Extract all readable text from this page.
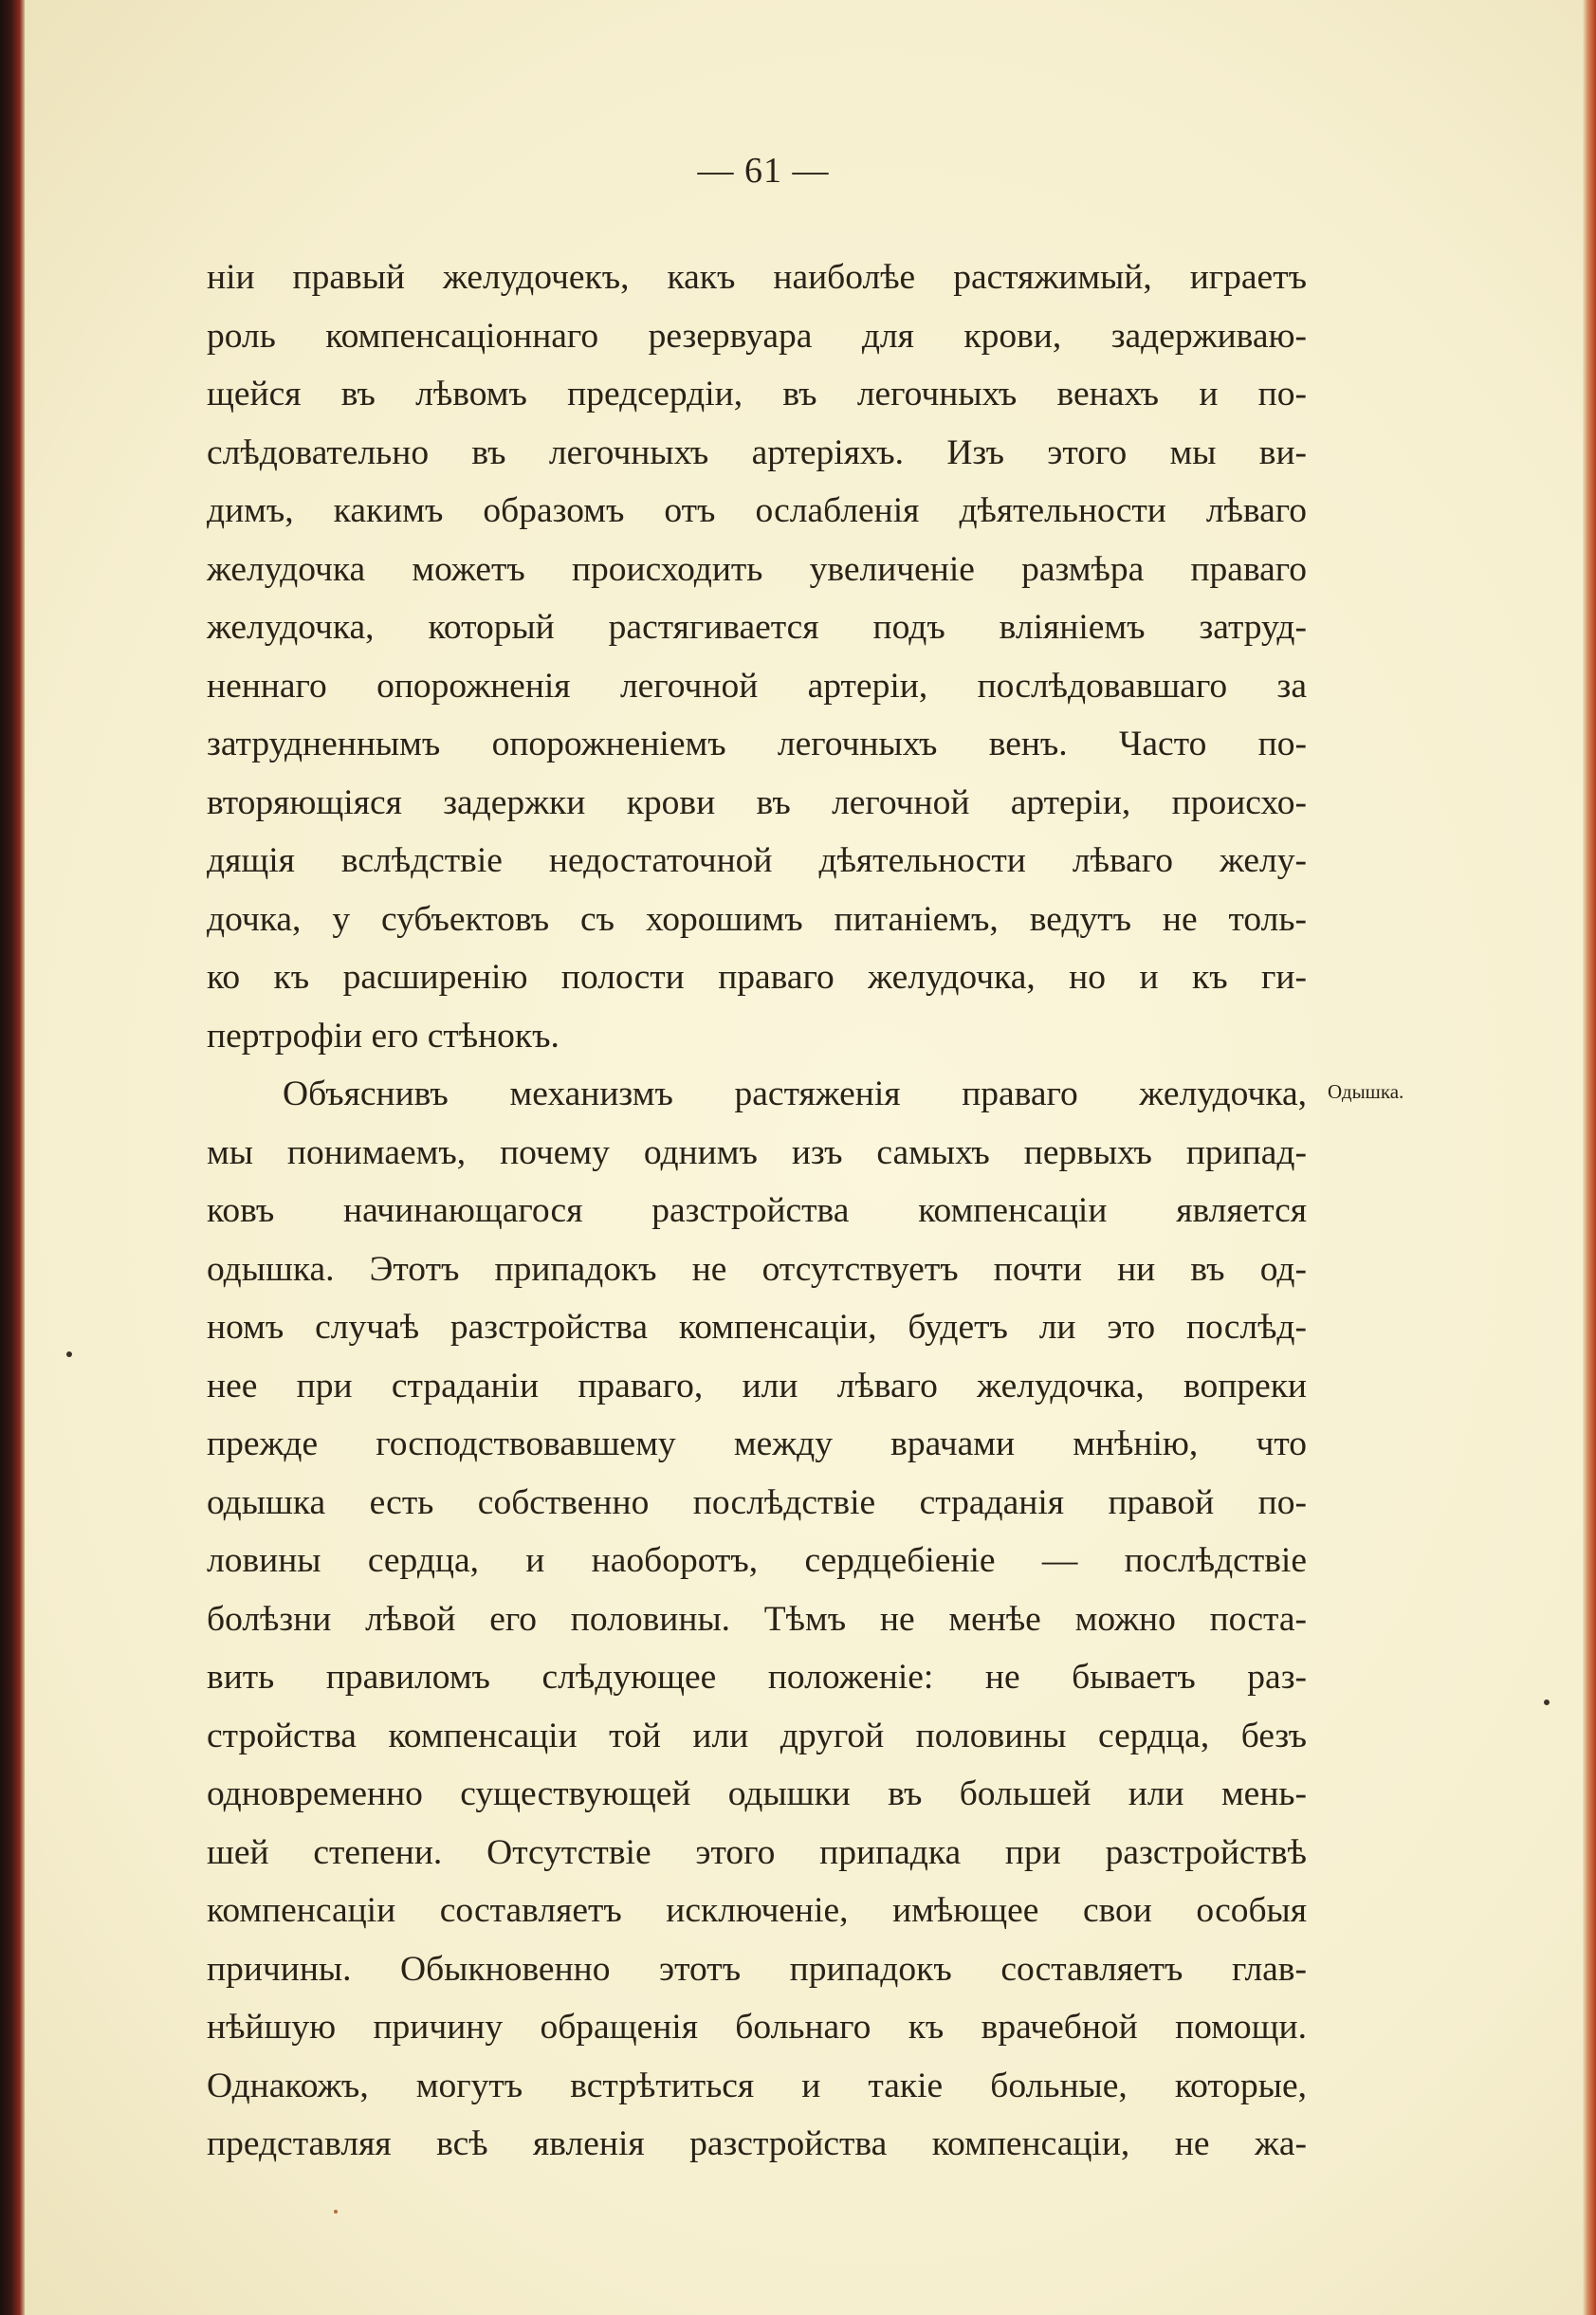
— 61 —
Одышка.
нiи правый желудочекъ, какъ наиболѣе растяжимый, играетъ
роль компенсацiоннаго резервуара для крови, задерживаю-
щейся въ лѣвомъ предсердiи, въ легочныхъ венахъ и по-
слѣдовательно въ легочныхъ артерiяхъ. Изъ этого мы ви-
димъ, какимъ образомъ отъ ослабленiя дѣятельности лѣваго
желудочка можетъ происходить увеличенiе размѣра праваго
желудочка, который растягивается подъ влiянiемъ затруд-
неннаго опорожненiя легочной артерiи, послѣдовавшаго за
затрудненнымъ опорожненiемъ легочныхъ венъ. Часто по-
вторяющiяся задержки крови въ легочной артерiи, происхо-
дящiя вслѣдствiе недостаточной дѣятельности лѣваго желу-
дочка, у субъектовъ съ хорошимъ питанiемъ, ведутъ не толь-
ко къ расширенiю полости праваго желудочка, но и къ ги-
пертрофiи его стѣнокъ.
Объяснивъ механизмъ растяженiя праваго желудочка,
мы понимаемъ, почему однимъ изъ самыхъ первыхъ припад-
ковъ начинающагося разстройства компенсацiи является
одышка. Этотъ припадокъ не отсутствуетъ почти ни въ од-
номъ случаѣ разстройства компенсацiи, будетъ ли это послѣд-
нее при страданiи праваго, или лѣваго желудочка, вопреки
прежде господствовавшему между врачами мнѣнiю, что
одышка есть собственно послѣдствiе страданiя правой по-
ловины сердца, и наоборотъ, сердцебiенiе — послѣдствiе
болѣзни лѣвой его половины. Тѣмъ не менѣе можно поста-
вить правиломъ слѣдующее положенiе: не бываетъ раз-
стройства компенсацiи той или другой половины сердца, безъ
одновременно существующей одышки въ большей или мень-
шей степени. Отсутствiе этого припадка при разстройствѣ
компенсацiи составляетъ исключенiе, имѣющее свои особыя
причины. Обыкновенно этотъ припадокъ составляетъ глав-
нѣйшую причину обращенiя больнаго къ врачебной помощи.
Однакожъ, могутъ встрѣтиться и такiе больные, которые,
представляя всѣ явленiя разстройства компенсацiи, не жа-
